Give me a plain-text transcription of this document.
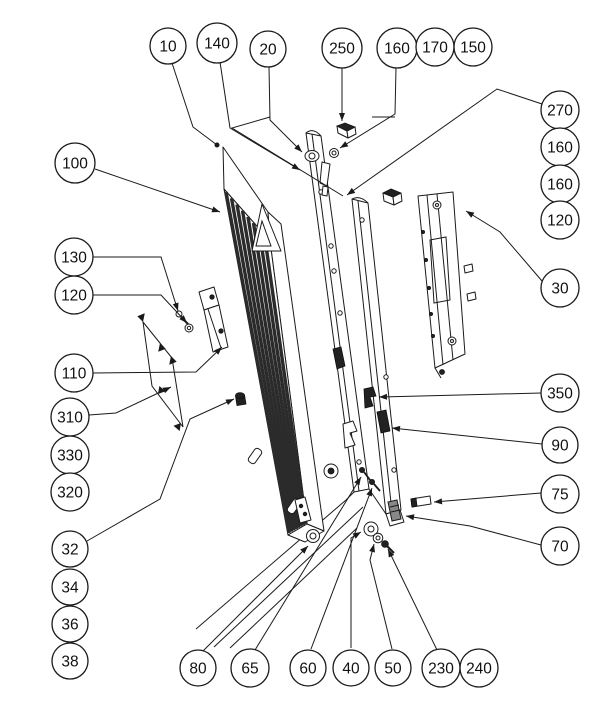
10 140 20	250 160 170 150
270
160
160
120
30
350
90
75
70
100
130
120
110
310
330
320
32
34
36
38	80 65	60 40 50 230 240
